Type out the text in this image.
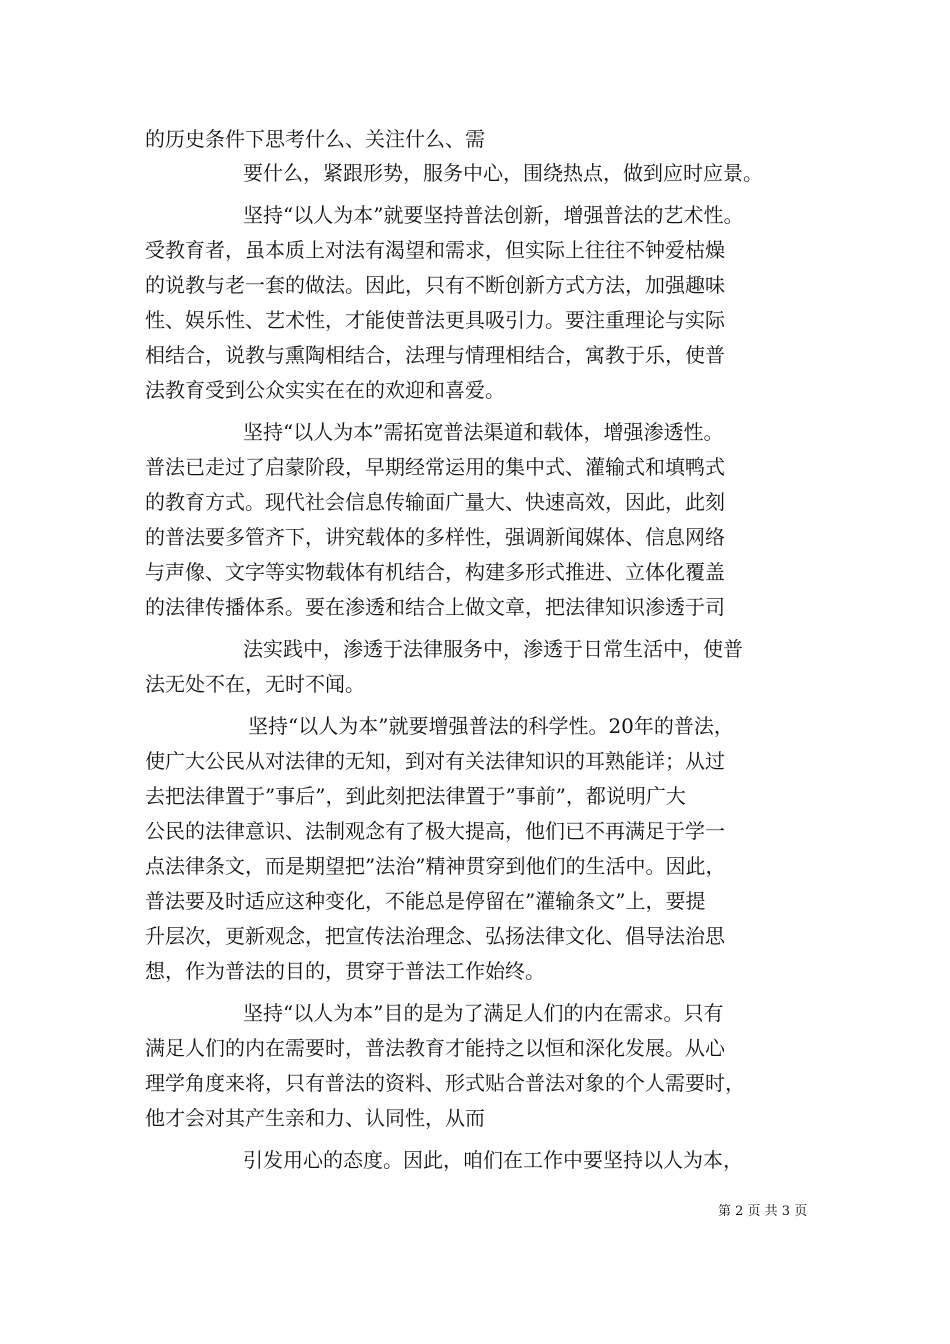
的历史条件下思考什么、关注什么、需
要什么，紧跟形势，服务中心，围绕热点，做到应时应景。
坚持“以人为本”就要坚持普法创新，增强普法的艺术性。
受教育者，虽本质上对法有渴望和需求，但实际上往往不钟爱枯燥
的说教与老一套的做法。因此，只有不断创新方式方法，加强趣味
性、娱乐性、艺术性，才能使普法更具吸引力。要注重理论与实际
相结合，说教与熏陶相结合，法理与情理相结合，寓教于乐，使普
法教育受到公众实实在在的欢迎和喜爱。
坚持“以人为本”需拓宽普法渠道和载体，增强渗透性。
普法已走过了启蒙阶段，早期经常运用的集中式、灌输式和填鸭式
的教育方式。现代社会信息传输面广量大、快速高效，因此，此刻
的普法要多管齐下，讲究载体的多样性，强调新闻媒体、信息网络
与声像、文字等实物载体有机结合，构建多形式推进、立体化覆盖
的法律传播体系。要在渗透和结合上做文章，把法律知识渗透于司
法实践中，渗透于法律服务中，渗透于日常生活中，使普
法无处不在，无时不闻。
坚持“以人为本”就要增强普法的科学性。20年的普法，
使广大公民从对法律的无知，到对有关法律知识的耳熟能详；从过
去把法律置于”事后”，到此刻把法律置于”事前”，都说明广大
公民的法律意识、法制观念有了极大提高，他们已不再满足于学一
点法律条文，而是期望把”法治”精神贯穿到他们的生活中。因此，
普法要及时适应这种变化，不能总是停留在”灌输条文”上，要提
升层次，更新观念，把宣传法治理念、弘扬法律文化、倡导法治思
想，作为普法的目的，贯穿于普法工作始终。
坚持“以人为本”目的是为了满足人们的内在需求。只有
满足人们的内在需要时，普法教育才能持之以恒和深化发展。从心
理学角度来将，只有普法的资料、形式贴合普法对象的个人需要时，
他才会对其产生亲和力、认同性，从而
引发用心的态度。因此，咱们在工作中要坚持以人为本，
第 2 页 共 3 页
